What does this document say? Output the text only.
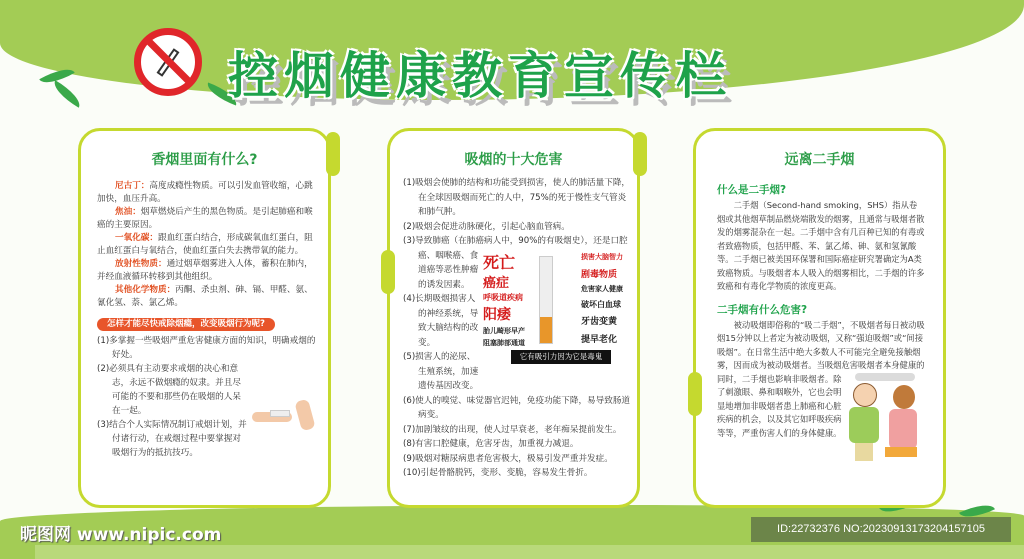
控烟健康教育宣传栏
香烟里面有什么?
尼古丁：高度成瘾性物质。可以引发血管收缩，心跳加快，血压升高。
焦油：烟草燃烧后产生的黑色物质。是引起肺癌和喉癌的主要原因。
一氧化碳：跟血红蛋白结合，形成碳氧血红蛋白，阻止血红蛋白与氧结合，使血红蛋白失去携带氧的能力。
放射性物质：通过烟草烟雾进入人体，蓄积在肺内，并经血液循环转移到其他组织。
其他化学物质：丙酮、杀虫剂、砷、镉、甲醛、氨、氰化氢、萘、氯乙烯。
怎样才能尽快戒除烟瘾，改变吸烟行为呢?
(1)多掌握一些吸烟严重危害健康方面的知识，明确戒烟的好处。
(2)必须具有主动要求戒烟的决心和意志，永远不做烟瘾的奴隶。并且尽可能的不要和那些仍在吸烟的人呆在一起。
(3)结合个人实际情况制订戒烟计划，并付诸行动，在戒烟过程中要掌握对吸烟行为的抵抗技巧。
吸烟的十大危害
死亡
癌症
呼吸道疾病
阳痿
胎儿畸形早产
阻塞肺部通道
损害大脑智力
剧毒物质
危害家人健康
破坏白血球
牙齿变黄
提早老化
它有吸引力因为它是毒鬼
(1)吸烟会使肺的结构和功能受到损害，使人的肺活量下降，在全球因吸烟而死亡的人中，75%的死于慢性支气管炎和肺气肿。
(2)吸烟会促进动脉硬化，引起心脑血管病。
(3)导致肺癌（在肺癌病人中，90%的有吸烟史），还是口腔癌、咽喉癌、食道癌等恶性肿瘤的诱发因素。
(4)长期吸烟损害人的神经系统，导致大脑结构的改变。
(5)损害人的泌尿、生殖系统，加速遗传基因改变。
(6)使人的嗅觉、味觉器官迟钝，免疫功能下降，易导致肠道病变。
(7)加剧皱纹的出现，使人过早衰老，老年痴呆提前发生。
(8)有害口腔健康，危害牙齿，加重视力减退。
(9)吸烟对糖尿病患者危害极大，极易引发严重并发症。
(10)引起骨骼脱钙，变形、变脆，容易发生骨折。
远离二手烟
什么是二手烟?
二手烟（Second-hand smoking，SHS）指从卷烟或其他烟草制品燃烧端散发的烟雾，且通常与吸烟者散发的烟雾混杂在一起。二手烟中含有几百种已知的有毒或者致癌物质，包括甲醛、苯、氯乙烯、砷、氨和氢氰酸等。二手烟已被美国环保署和国际癌症研究署确定为A类致癌物质。与吸烟者本人吸入的烟雾相比，二手烟的许多致癌和有毒化学物质的浓度更高。
二手烟有什么危害?
被动吸烟即俗称的“吸二手烟”，不吸烟者每日被动吸烟15分钟以上者定为被动吸烟，又称“强迫吸烟”或“间接吸烟”。在日常生活中绝大多数人不可能完全避免接触烟雾，因而成为被动吸烟者。当吸烟危害吸烟者本身健康的同时，二手烟也影响非吸烟者。除了刺激眼、鼻和咽喉外，它也会明显地增加非吸烟者患上肺癌和心脏疾病的机会，以及其它如呼吸疾病等等，严重伤害人们的身体健康。
昵图网 www.nipic.com	ID:22732376 NO:20230913173204157105
